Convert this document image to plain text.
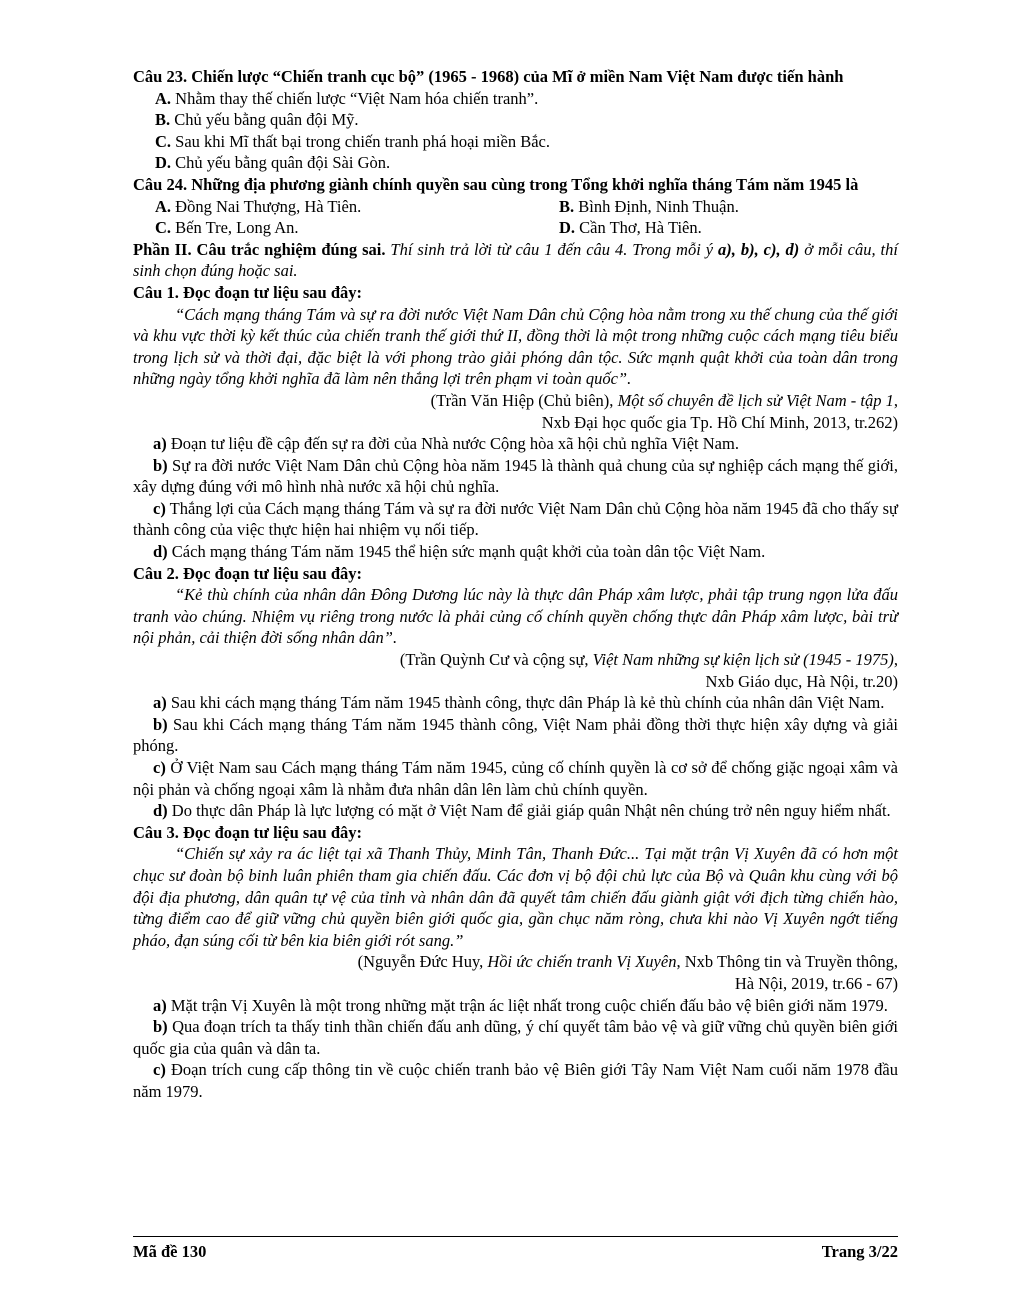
Câu 23. Chiến lược “Chiến tranh cục bộ” (1965 - 1968) của Mĩ ở miền Nam Việt Nam được tiến hành

A. Nhằm thay thế chiến lược “Việt Nam hóa chiến tranh”.

B. Chủ yếu bằng quân đội Mỹ.

C. Sau khi Mĩ thất bại trong chiến tranh phá hoại miền Bắc.

D. Chủ yếu bằng quân đội Sài Gòn.

Câu 24. Những địa phương giành chính quyền sau cùng trong Tổng khởi nghĩa tháng Tám năm 1945 là

A. Đồng Nai Thượng, Hà Tiên.	B. Bình Định, Ninh Thuận.
C. Bến Tre, Long An.	D. Cần Thơ, Hà Tiên.

Phần II. Câu trắc nghiệm đúng sai. Thí sinh trả lời từ câu 1 đến câu 4. Trong mỗi ý a), b), c), d) ở mỗi câu, thí sinh chọn đúng hoặc sai.

Câu 1. Đọc đoạn tư liệu sau đây:

“Cách mạng tháng Tám và sự ra đời nước Việt Nam Dân chủ Cộng hòa nằm trong xu thế chung của thế giới và khu vực thời kỳ kết thúc của chiến tranh thế giới thứ II, đồng thời là một trong những cuộc cách mạng tiêu biểu trong lịch sử và thời đại, đặc biệt là với phong trào giải phóng dân tộc. Sức mạnh quật khởi của toàn dân trong những ngày tổng khởi nghĩa đã làm nên thắng lợi trên phạm vi toàn quốc”.

(Trần Văn Hiệp (Chủ biên), Một số chuyên đề lịch sử Việt Nam - tập 1,

Nxb Đại học quốc gia Tp. Hồ Chí Minh, 2013, tr.262)

a) Đoạn tư liệu đề cập đến sự ra đời của Nhà nước Cộng hòa xã hội chủ nghĩa Việt Nam.

b) Sự ra đời nước Việt Nam Dân chủ Cộng hòa năm 1945 là thành quả chung của sự nghiệp cách mạng thế giới, xây dựng đúng với mô hình nhà nước xã hội chủ nghĩa.

c) Thắng lợi của Cách mạng tháng Tám và sự ra đời nước Việt Nam Dân chủ Cộng hòa năm 1945 đã cho thấy sự thành công của việc thực hiện hai nhiệm vụ nối tiếp.

d) Cách mạng tháng Tám năm 1945 thể hiện sức mạnh quật khởi của toàn dân tộc Việt Nam.

Câu 2. Đọc đoạn tư liệu sau đây:

“Kẻ thù chính của nhân dân Đông Dương lúc này là thực dân Pháp xâm lược, phải tập trung ngọn lửa đấu tranh vào chúng. Nhiệm vụ riêng trong nước là phải củng cố chính quyền chống thực dân Pháp xâm lược, bài trừ nội phản, cải thiện đời sống nhân dân”.

(Trần Quỳnh Cư và cộng sự, Việt Nam những sự kiện lịch sử (1945 - 1975),

Nxb Giáo dục, Hà Nội, tr.20)

a) Sau khi cách mạng tháng Tám năm 1945 thành công, thực dân Pháp là kẻ thù chính của nhân dân Việt Nam.

b) Sau khi Cách mạng tháng Tám năm 1945 thành công, Việt Nam phải đồng thời thực hiện xây dựng và giải phóng.

c) Ở Việt Nam sau Cách mạng tháng Tám năm 1945, củng cố chính quyền là cơ sở để chống giặc ngoại xâm và nội phản và chống ngoại xâm là nhằm đưa nhân dân lên làm chủ chính quyền.

d) Do thực dân Pháp là lực lượng có mặt ở Việt Nam để giải giáp quân Nhật nên chúng trở nên nguy hiểm nhất.

Câu 3. Đọc đoạn tư liệu sau đây:

“Chiến sự xảy ra ác liệt tại xã Thanh Thủy, Minh Tân, Thanh Đức... Tại mặt trận Vị Xuyên đã có hơn một chục sư đoàn bộ binh luân phiên tham gia chiến đấu. Các đơn vị bộ đội chủ lực của Bộ và Quân khu cùng với bộ đội địa phương, dân quân tự vệ của tỉnh và nhân dân đã quyết tâm chiến đấu giành giật với địch từng chiến hào, từng điểm cao để giữ vững chủ quyền biên giới quốc gia, gần chục năm ròng, chưa khi nào Vị Xuyên ngớt tiếng pháo, đạn súng cối từ bên kia biên giới rót sang.”

(Nguyễn Đức Huy, Hồi ức chiến tranh Vị Xuyên, Nxb Thông tin và Truyền thông,

Hà Nội, 2019, tr.66 - 67)

a) Mặt trận Vị Xuyên là một trong những mặt trận ác liệt nhất trong cuộc chiến đấu bảo vệ biên giới năm 1979.

b) Qua đoạn trích ta thấy tinh thần chiến đấu anh dũng, ý chí quyết tâm bảo vệ và giữ vững chủ quyền biên giới quốc gia của quân và dân ta.

c) Đoạn trích cung cấp thông tin về cuộc chiến tranh bảo vệ Biên giới Tây Nam Việt Nam cuối năm 1978 đầu năm 1979.

Mã đề 130	Trang 3/22
